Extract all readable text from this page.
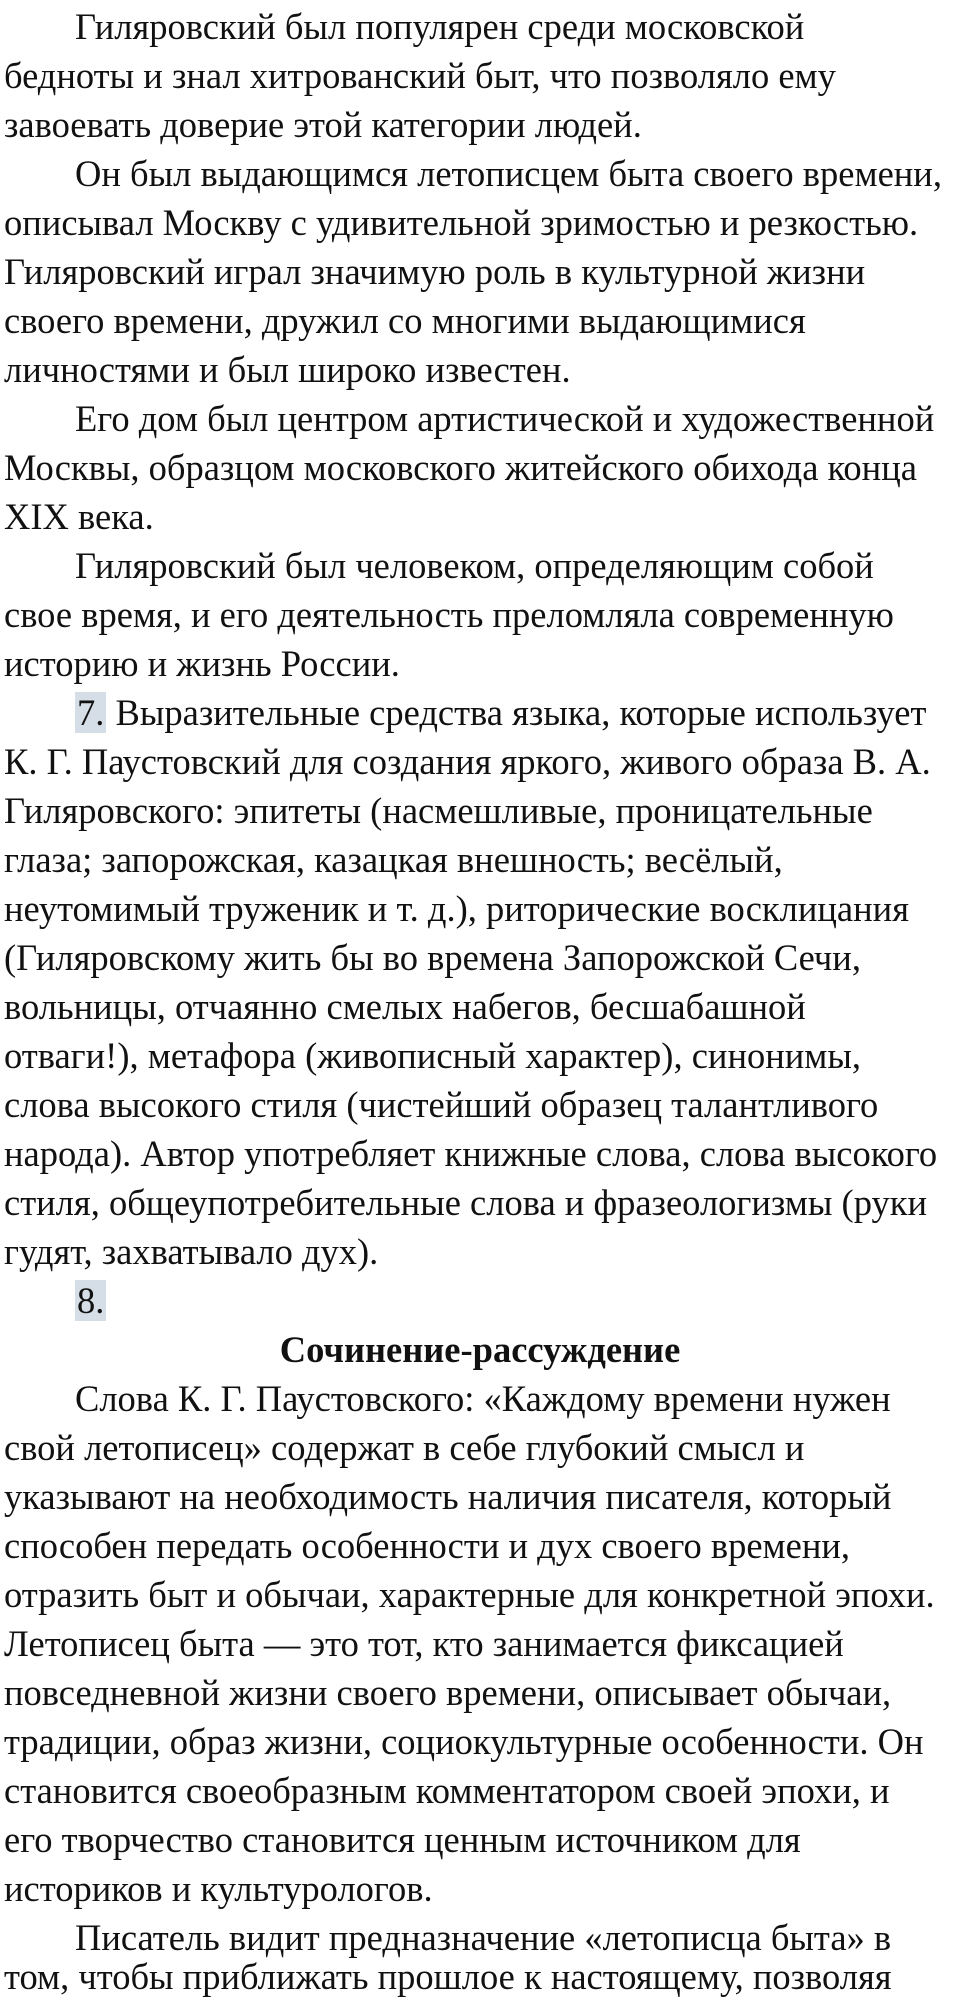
Гиляровский был популярен среди московской
бедноты и знал хитрованский быт, что позволяло ему
завоевать доверие этой категории людей.
Он был выдающимся летописцем быта своего времени,
описывал Москву с удивительной зримостью и резкостью.
Гиляровский играл значимую роль в культурной жизни
своего времени, дружил со многими выдающимися
личностями и был широко известен.
Его дом был центром артистической и художественной
Москвы, образцом московского житейского обихода конца
XIX века.
Гиляровский был человеком, определяющим собой
свое время, и его деятельность преломляла современную
историю и жизнь России.
7. Выразительные средства языка, которые использует
К. Г. Паустовский для создания яркого, живого образа В. А.
Гиляровского: эпитеты (насмешливые, проницательные
глаза; запорожская, казацкая внешность; весёлый,
неутомимый труженик и т. д.), риторические восклицания
(Гиляровскому жить бы во времена Запорожской Сечи,
вольницы, отчаянно смелых набегов, бесшабашной
отваги!), метафора (живописный характер), синонимы,
слова высокого стиля (чистейший образец талантливого
народа). Автор употребляет книжные слова, слова высокого
стиля, общеупотребительные слова и фразеологизмы (руки
гудят, захватывало дух).
8.
Сочинение-рассуждение
Слова К. Г. Паустовского: «Каждому времени нужен
свой летописец» содержат в себе глубокий смысл и
указывают на необходимость наличия писателя, который
способен передать особенности и дух своего времени,
отразить быт и обычаи, характерные для конкретной эпохи.
Летописец быта — это тот, кто занимается фиксацией
повседневной жизни своего времени, описывает обычаи,
традиции, образ жизни, социокультурные особенности. Он
становится своеобразным комментатором своей эпохи, и
его творчество становится ценным источником для
историков и культурологов.
Писатель видит предназначение «летописца быта» в
том, чтобы приближать прошлое к настоящему, позволяя
